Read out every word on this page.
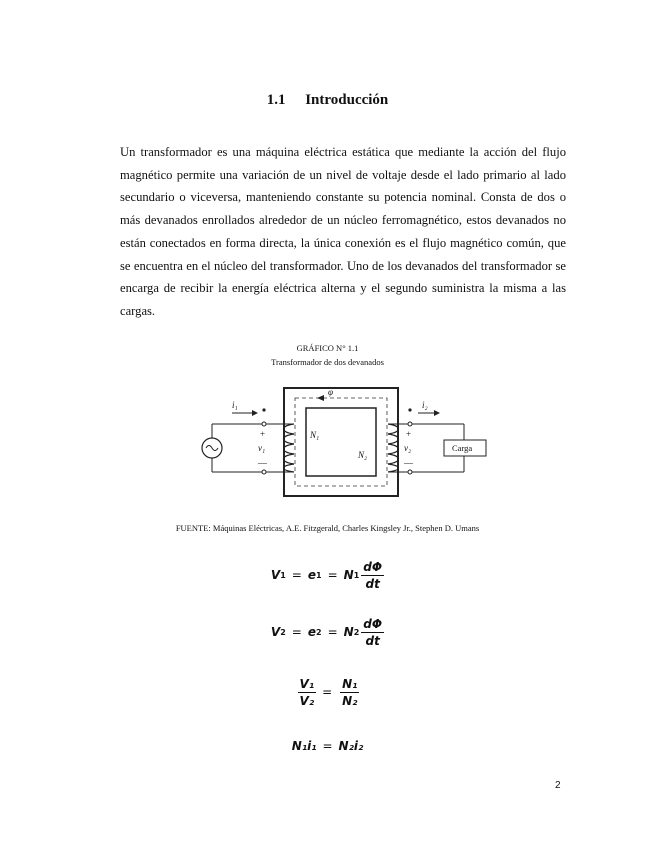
1.1 Introducción

Un transformador es una máquina eléctrica estática que mediante la acción del flujo magnético permite una variación de un nivel de voltaje desde el lado primario al lado secundario o viceversa, manteniendo constante su potencia nominal. Consta de dos o más devanados enrollados alrededor de un núcleo ferromagnético, estos devanados no están conectados en forma directa, la única conexión es el flujo magnético común, que se encuentra en el núcleo del transformador. Uno de los devanados del transformador se encarga de recibir la energía eléctrica alterna y el segundo suministra la misma a las cargas.

GRÁFICO N° 1.1
Transformador de dos devanados
φ
i₁
+
v₁
—
N₁
N₂
i₂
+
v₂
—
Carga
FUENTE: Máquinas Eléctricas, A.E. Fitzgerald, Charles Kingsley Jr., Stephen D. Umans
V 1 = e 1 = N $1 \frac{d\Phi}{dt}$
V 2 = e 2 = N $2 \frac{d\Phi}{dt}$
$\frac{\text{V₁}}{\text{V₂}} = \frac{\text{N₁}}{\text{N₂}}$
N₁i₁ = N₂i₂
2
